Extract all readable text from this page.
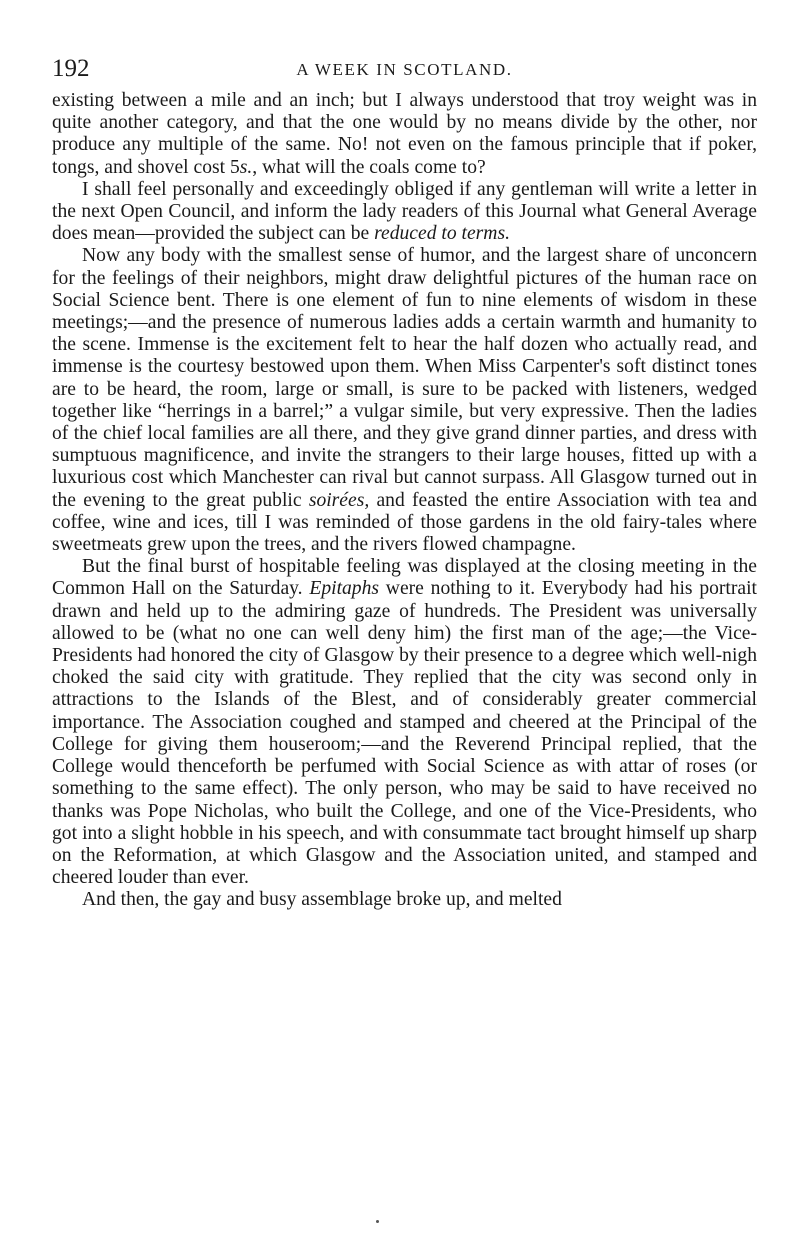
192	A WEEK IN SCOTLAND.

existing between a mile and an inch; but I always understood that troy weight was in quite another category, and that the one would by no means divide by the other, nor produce any multiple of the same. No! not even on the famous principle that if poker, tongs, and shovel cost 5s., what will the coals come to?

I shall feel personally and exceedingly obliged if any gentleman will write a letter in the next Open Council, and inform the lady readers of this Journal what General Average does mean—provided the subject can be reduced to terms.

Now any body with the smallest sense of humor, and the largest share of unconcern for the feelings of their neighbors, might draw delightful pictures of the human race on Social Science bent. There is one element of fun to nine elements of wisdom in these meetings;—and the presence of numerous ladies adds a certain warmth and humanity to the scene. Immense is the excitement felt to hear the half dozen who actually read, and immense is the courtesy bestowed upon them. When Miss Carpenter's soft distinct tones are to be heard, the room, large or small, is sure to be packed with listeners, wedged together like “herrings in a barrel;” a vulgar simile, but very expressive. Then the ladies of the chief local families are all there, and they give grand dinner parties, and dress with sumptuous magnificence, and invite the strangers to their large houses, fitted up with a luxurious cost which Manchester can rival but cannot surpass. All Glasgow turned out in the evening to the great public soirées, and feasted the entire Association with tea and coffee, wine and ices, till I was reminded of those gardens in the old fairy-tales where sweetmeats grew upon the trees, and the rivers flowed champagne.

But the final burst of hospitable feeling was displayed at the closing meeting in the Common Hall on the Saturday. Epitaphs were nothing to it. Everybody had his portrait drawn and held up to the admiring gaze of hundreds. The President was universally allowed to be (what no one can well deny him) the first man of the age;—the Vice-Presidents had honored the city of Glasgow by their presence to a degree which well-nigh choked the said city with gratitude. They replied that the city was second only in attractions to the Islands of the Blest, and of considerably greater commercial importance. The Association coughed and stamped and cheered at the Principal of the College for giving them houseroom;—and the Reverend Principal replied, that the College would thenceforth be perfumed with Social Science as with attar of roses (or something to the same effect). The only person, who may be said to have received no thanks was Pope Nicholas, who built the College, and one of the Vice-Presidents, who got into a slight hobble in his speech, and with consummate tact brought himself up sharp on the Reformation, at which Glasgow and the Association united, and stamped and cheered louder than ever.

And then, the gay and busy assemblage broke up, and melted
